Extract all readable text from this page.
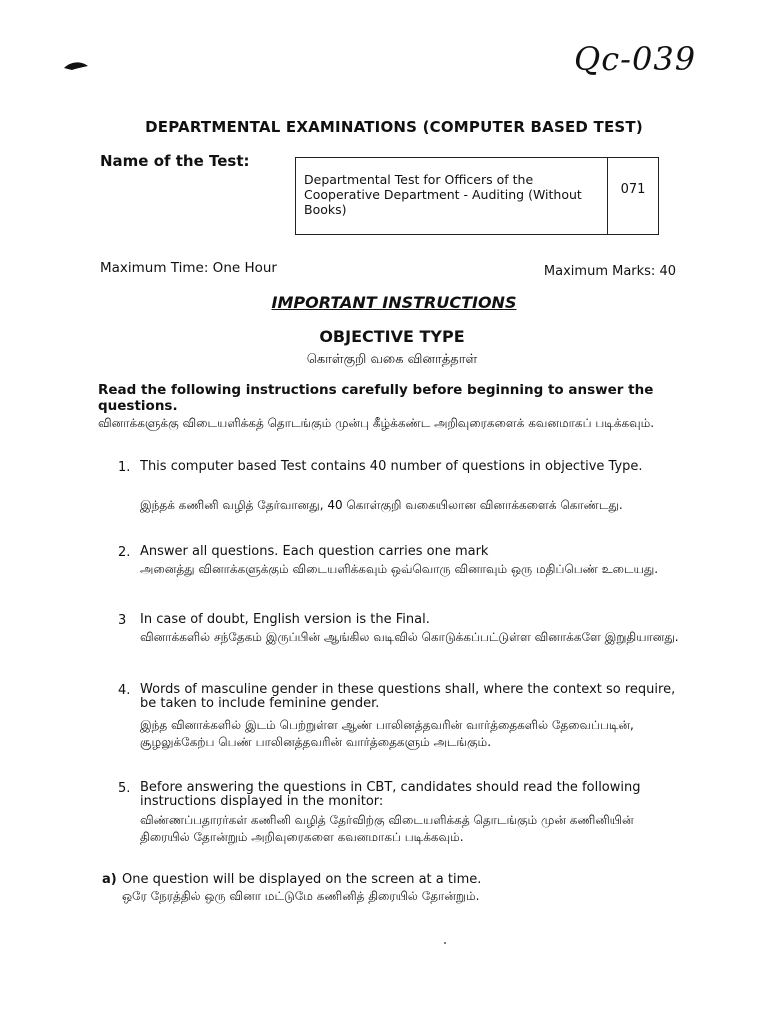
Qc-039
DEPARTMENTAL EXAMINATIONS (COMPUTER BASED TEST)
Name of the Test:
Departmental Test for Officers of the Cooperative Department - Auditing (Without Books)
071
Maximum Time: One Hour	Maximum Marks: 40
IMPORTANT INSTRUCTIONS
OBJECTIVE TYPE
கொள்குறி வகை வினாத்தாள்
Read the following instructions carefully before beginning to answer the questions.
வினாக்களுக்கு விடையளிக்கத் தொடங்கும் முன்பு கீழ்க்கண்ட அறிவுரைகளைக் கவனமாகப் படிக்கவும்.
1. This computer based Test contains 40 number of questions in objective Type.
இந்தக் கணினி வழித் தேர்வானது, 40 கொள்குறி வகையிலான வினாக்களைக் கொண்டது.
2. Answer all questions. Each question carries one mark
அனைத்து வினாக்களுக்கும் விடையளிக்கவும் ஒவ்வொரு வினாவும் ஒரு மதிப்பெண் உடையது.
3 In case of doubt, English version is the Final.
வினாக்களில் சந்தேகம் இருப்பின் ஆங்கில வடிவில் கொடுக்கப்பட்டுள்ள வினாக்களே இறுதியானது.
4. Words of masculine gender in these questions shall, where the context so require, be taken to include feminine gender.
இந்த வினாக்களில் இடம் பெற்றுள்ள ஆண் பாலினத்தவரின் வார்த்தைகளில் தேவைப்படின், சூழலுக்கேற்ப பெண் பாலினத்தவரின் வார்த்தைகளும் அடங்கும்.
5. Before answering the questions in CBT, candidates should read the following instructions displayed in the monitor:
விண்ணப்பதாரர்கள் கணினி வழித் தேர்விற்கு விடையளிக்கத் தொடங்கும் முன் கணினியின் திரையில் தோன்றும் அறிவுரைகளை கவனமாகப் படிக்கவும்.
a) One question will be displayed on the screen at a time.
ஒரே நேரத்தில் ஒரு வினா மட்டுமே கணினித் திரையில் தோன்றும்.
